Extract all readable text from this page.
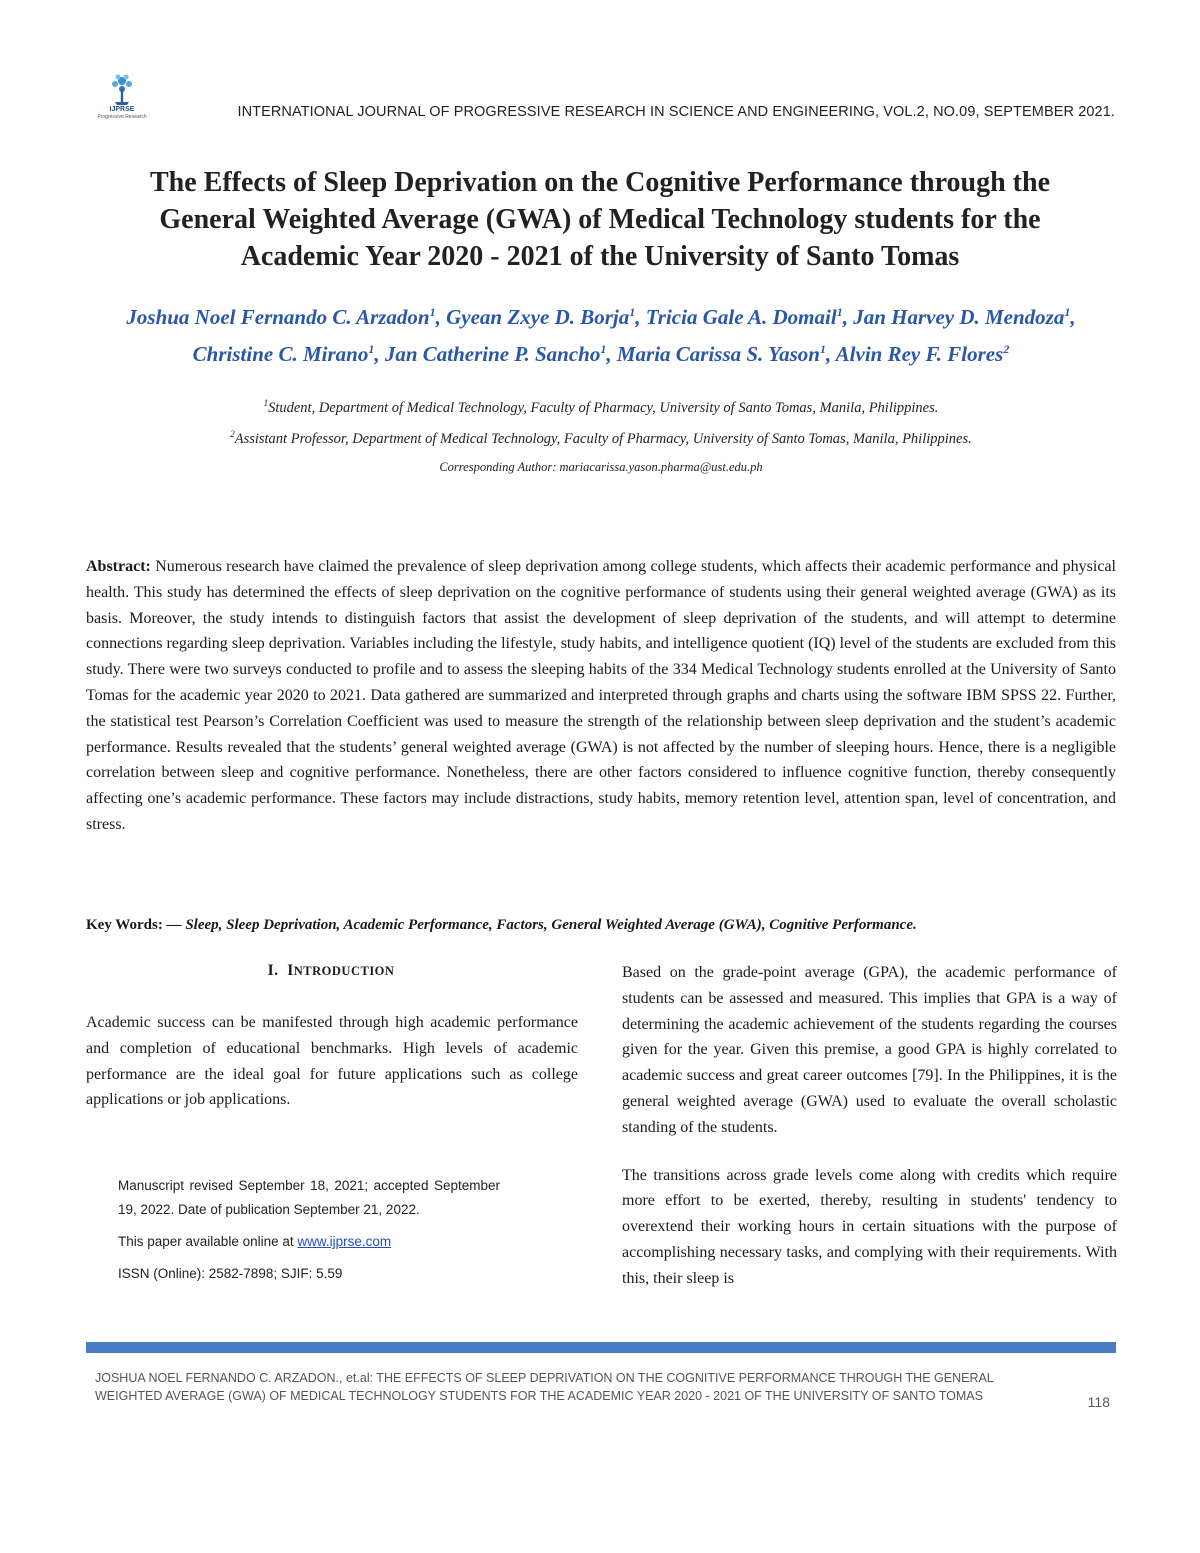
IJPRSE
Progressive Research	INTERNATIONAL JOURNAL OF PROGRESSIVE RESEARCH IN SCIENCE AND ENGINEERING, VOL.2, NO.09, SEPTEMBER 2021.
The Effects of Sleep Deprivation on the Cognitive Performance through the
General Weighted Average (GWA) of Medical Technology students for the
Academic Year 2020 - 2021 of the University of Santo Tomas
Joshua Noel Fernando C. Arzadon$^1$, Gyean Zxye D. Borja$^1$, Tricia Gale A. Domail$^1$, Jan Harvey D. Mendoza$^1$, Christine C. Mirano$^1$, Jan Catherine P. Sancho$^1$, Maria Carissa S. Yason$^1$, Alvin Rey F. Flores$^2$
$^1$Student, Department of Medical Technology, Faculty of Pharmacy, University of Santo Tomas, Manila, Philippines.
$^2$Assistant Professor, Department of Medical Technology, Faculty of Pharmacy, University of Santo Tomas, Manila, Philippines.
Corresponding Author: mariacarissa.yason.pharma@ust.edu.ph
Abstract: Numerous research have claimed the prevalence of sleep deprivation among college students, which affects their academic performance and physical health. This study has determined the effects of sleep deprivation on the cognitive performance of students using their general weighted average (GWA) as its basis. Moreover, the study intends to distinguish factors that assist the development of sleep deprivation of the students, and will attempt to determine connections regarding sleep deprivation. Variables including the lifestyle, study habits, and intelligence quotient (IQ) level of the students are excluded from this study. There were two surveys conducted to profile and to assess the sleeping habits of the 334 Medical Technology students enrolled at the University of Santo Tomas for the academic year 2020 to 2021. Data gathered are summarized and interpreted through graphs and charts using the software IBM SPSS 22. Further, the statistical test Pearson’s Correlation Coefficient was used to measure the strength of the relationship between sleep deprivation and the student’s academic performance. Results revealed that the students’ general weighted average (GWA) is not affected by the number of sleeping hours. Hence, there is a negligible correlation between sleep and cognitive performance. Nonetheless, there are other factors considered to influence cognitive function, thereby consequently affecting one’s academic performance. These factors may include distractions, study habits, memory retention level, attention span, level of concentration, and stress.
Key Words: — Sleep, Sleep Deprivation, Academic Performance, Factors, General Weighted Average (GWA), Cognitive Performance.
I. INTRODUCTION
Academic success can be manifested through high academic performance and completion of educational benchmarks. High levels of academic performance are the ideal goal for future applications such as college applications or job applications.

Manuscript revised September 18, 2021; accepted September 19, 2022. Date of publication September 21, 2022.

This paper available online at www.ijprse.com

ISSN (Online): 2582-7898; SJIF: 5.59

Based on the grade-point average (GPA), the academic performance of students can be assessed and measured. This implies that GPA is a way of determining the academic achievement of the students regarding the courses given for the year. Given this premise, a good GPA is highly correlated to academic success and great career outcomes [79]. In the Philippines, it is the general weighted average (GWA) used to evaluate the overall scholastic standing of the students.

The transitions across grade levels come along with credits which require more effort to be exerted, thereby, resulting in students' tendency to overextend their working hours in certain situations with the purpose of accomplishing necessary tasks, and complying with their requirements. With this, their sleep is

JOSHUA NOEL FERNANDO C. ARZADON., et.al: THE EFFECTS OF SLEEP DEPRIVATION ON THE COGNITIVE PERFORMANCE THROUGH THE GENERAL WEIGHTED AVERAGE (GWA) OF MEDICAL TECHNOLOGY STUDENTS FOR THE ACADEMIC YEAR 2020 - 2021 OF THE UNIVERSITY OF SANTO TOMAS	118
